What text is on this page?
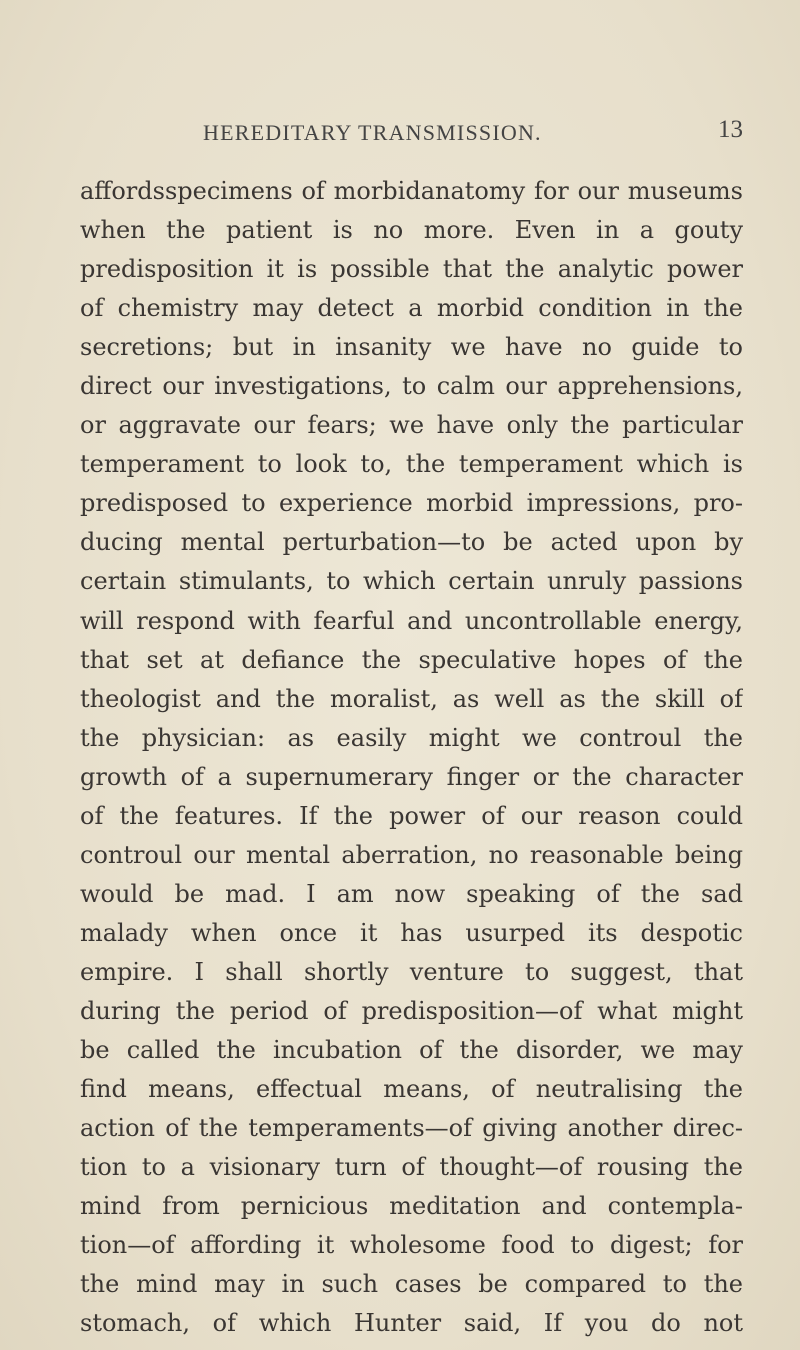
HEREDITARY TRANSMISSION.	13
affordsspecimens of morbidanatomy for our museums
when the patient is no more. Even in a gouty
predisposition it is possible that the analytic power
of chemistry may detect a morbid condition in the
secretions; but in insanity we have no guide to
direct our investigations, to calm our apprehensions,
or aggravate our fears; we have only the particular
temperament to look to, the temperament which is
predisposed to experience morbid impressions, pro-
ducing mental perturbation—to be acted upon by
certain stimulants, to which certain unruly passions
will respond with fearful and uncontrollable energy,
that set at defiance the speculative hopes of the
theologist and the moralist, as well as the skill of
the physician: as easily might we controul the
growth of a supernumerary finger or the character
of the features. If the power of our reason could
controul our mental aberration, no reasonable being
would be mad. I am now speaking of the sad
malady when once it has usurped its despotic
empire. I shall shortly venture to suggest, that
during the period of predisposition—of what might
be called the incubation of the disorder, we may
find means, effectual means, of neutralising the
action of the temperaments—of giving another direc-
tion to a visionary turn of thought—of rousing the
mind from pernicious meditation and contempla-
tion—of affording it wholesome food to digest; for
the mind may in such cases be compared to the
stomach, of which Hunter said, If you do not
